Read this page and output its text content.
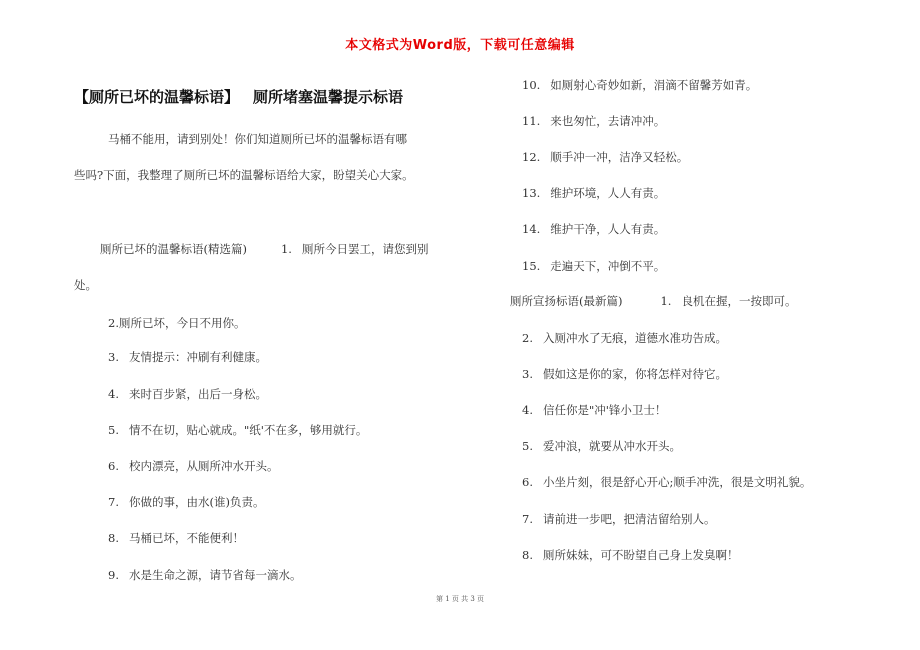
本文格式为Word版，下载可任意编辑
【厕所已坏的温馨标语】 厕所堵塞温馨提示标语
马桶不能用，请到别处！你们知道厕所已坏的温馨标语有哪
些吗?下面，我整理了厕所已坏的温馨标语给大家，盼望关心大家。
厕所已坏的温馨标语(精选篇)	1. 厕所今日罢工，请您到别
处。
2.厕所已坏，今日不用你。
3. 友情提示：冲刷有利健康。
4. 来时百步紧，出后一身松。
5. 情不在切，贴心就成。"纸'不在多，够用就行。
6. 校内漂亮，从厕所冲水开头。
7. 你做的事，由水(谁)负责。
8. 马桶已坏，不能便利！
9. 水是生命之源，请节省每一滴水。
10. 如厕射心奇妙如新，涓滴不留馨芳如青。
11. 来也匆忙，去请冲冲。
12. 顺手冲一冲，洁净又轻松。
13. 维护环境，人人有责。
14. 维护干净，人人有责。
15. 走遍天下，冲倒不平。
厕所宣扬标语(最新篇)	1. 良机在握，一按即可。
2. 入厕冲水了无痕，道德水准功告成。
3. 假如这是你的家，你将怎样对待它。
4. 信任你是"冲'锋小卫士！
5. 爱冲浪，就要从冲水开头。
6. 小坐片刻，很是舒心开心;顺手冲洗，很是文明礼貌。
7. 请前进一步吧，把清洁留给别人。
8. 厕所妹妹，可不盼望自己身上发臭啊！
第 1 页 共 3 页
